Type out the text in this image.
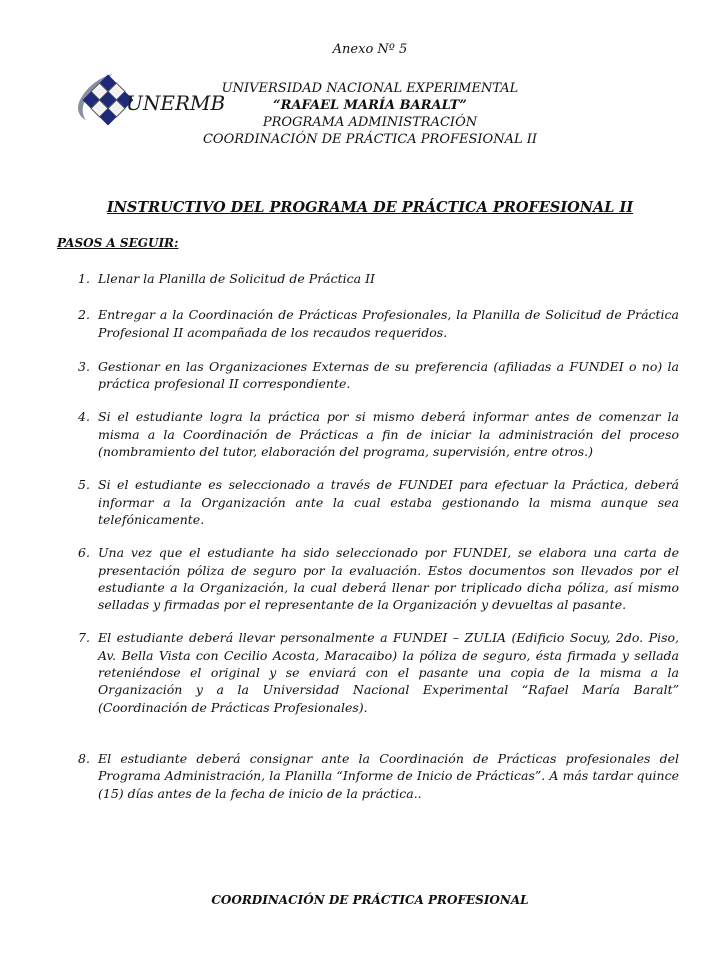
Anexo Nº 5
UNERMB
UNIVERSIDAD NACIONAL EXPERIMENTAL
“RAFAEL MARÍA BARALT”
PROGRAMA ADMINISTRACIÓN
COORDINACIÓN DE PRÁCTICA PROFESIONAL II
INSTRUCTIVO DEL PROGRAMA DE PRÁCTICA PROFESIONAL II
PASOS A SEGUIR:
1. Llenar la Planilla de Solicitud de Práctica II
2. Entregar a la Coordinación de Prácticas Profesionales, la Planilla de Solicitud de Práctica Profesional II acompañada de los recaudos requeridos.
3. Gestionar en las Organizaciones Externas de su preferencia (afiliadas a FUNDEI o no) la práctica profesional II correspondiente.
4. Si el estudiante logra la práctica por si mismo deberá informar antes de comenzar la misma a la Coordinación de Prácticas a fin de iniciar la administración del proceso (nombramiento del tutor, elaboración del programa, supervisión, entre otros.)
5. Si el estudiante es seleccionado a través de FUNDEI para efectuar la Práctica, deberá informar a la Organización ante la cual estaba gestionando la misma aunque sea telefónicamente.
6. Una vez que el estudiante ha sido seleccionado por FUNDEI, se elabora una carta de presentación póliza de seguro por la evaluación. Estos documentos son llevados por el estudiante a la Organización, la cual deberá llenar por triplicado dicha póliza, así mismo selladas y firmadas por el representante de la Organización y devueltas al pasante.
7. El estudiante deberá llevar personalmente a FUNDEI – ZULIA (Edificio Socuy, 2do. Piso, Av. Bella Vista con Cecilio Acosta, Maracaibo) la póliza de seguro, ésta firmada y sellada reteniéndose el original y se enviará con el pasante una copia de la misma a la Organización y a la Universidad Nacional Experimental “Rafael María Baralt” (Coordinación de Prácticas Profesionales).
8. El estudiante deberá consignar ante la Coordinación de Prácticas profesionales del Programa Administración, la Planilla “Informe de Inicio de Prácticas”. A más tardar quince (15) días antes de la fecha de inicio de la práctica..
COORDINACIÓN DE PRÁCTICA PROFESIONAL
